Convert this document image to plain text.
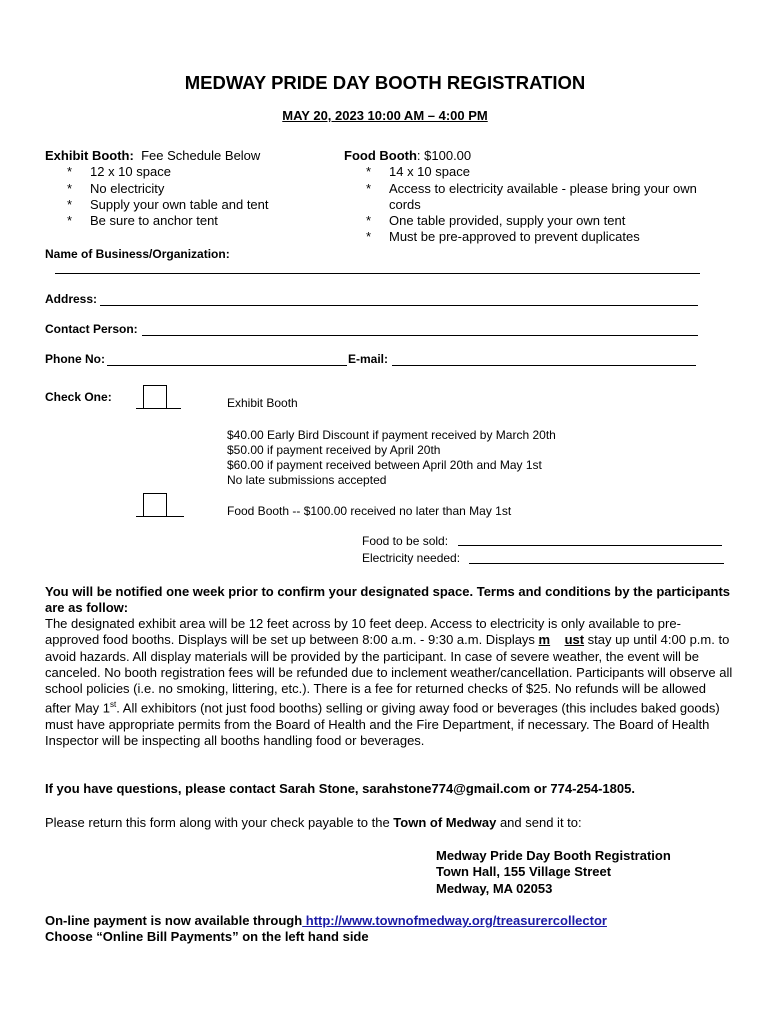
MEDWAY PRIDE DAY BOOTH REGISTRATION
MAY 20, 2023 10:00 AM – 4:00 PM
Exhibit Booth: Fee Schedule Below
* 12 x 10 space
* No electricity
* Supply your own table and tent
* Be sure to anchor tent
Food Booth: $100.00
* 14 x 10 space
* Access to electricity available - please bring your own cords
* One table provided, supply your own tent
* Must be pre-approved to prevent duplicates
Name of Business/Organization:
Address:
Contact Person:
Phone No:	E-mail:
Check One:	Exhibit Booth
$40.00 Early Bird Discount if payment received by March 20th
$50.00 if payment received by April 20th
$60.00 if payment received between April 20th and May 1st
No late submissions accepted
Food Booth -- $100.00 received no later than May 1st
Food to be sold:
Electricity needed:
You will be notified one week prior to confirm your designated space. Terms and conditions by the participants are as follow:
The designated exhibit area will be 12 feet across by 10 feet deep. Access to electricity is only available to pre-approved food booths. Displays will be set up between 8:00 a.m. - 9:30 a.m. Displays m ust stay up until 4:00 p.m. to avoid hazards. All display materials will be provided by the participant. In case of severe weather, the event will be canceled. No booth registration fees will be refunded due to inclement weather/cancellation. Participants will observe all school policies (i.e. no smoking, littering, etc.). There is a fee for returned checks of $25. No refunds will be allowed after May 1st. All exhibitors (not just food booths) selling or giving away food or beverages (this includes baked goods) must have appropriate permits from the Board of Health and the Fire Department, if necessary. The Board of Health Inspector will be inspecting all booths handling food or beverages.
If you have questions, please contact Sarah Stone, sarahstone774@gmail.com or 774-254-1805.
Please return this form along with your check payable to the Town of Medway and send it to:
Medway Pride Day Booth Registration
Town Hall, 155 Village Street
Medway, MA 02053
On-line payment is now available through http://www.townofmedway.org/treasurercollector
Choose “Online Bill Payments” on the left hand side
